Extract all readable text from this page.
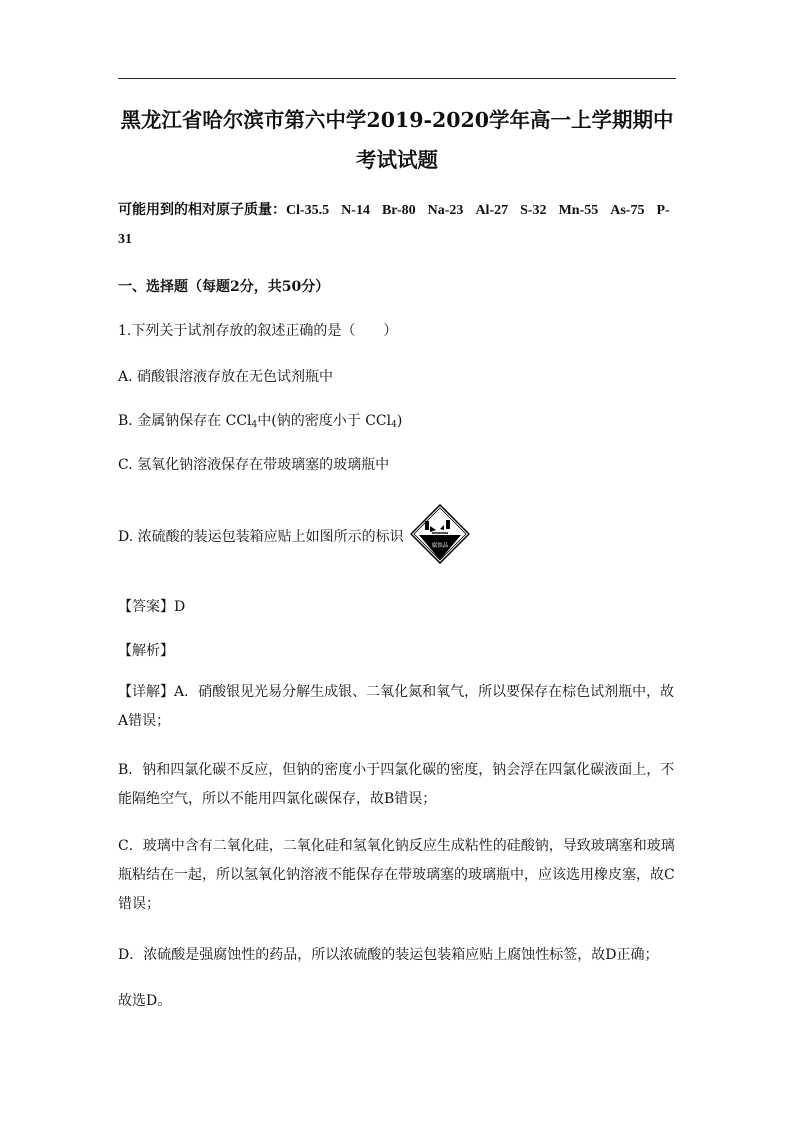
黑龙江省哈尔滨市第六中学2019-2020学年高一上学期期中考试试题
可能用到的相对原子质量：Cl-35.5 N-14 Br-80 Na-23 Al-27 S-32 Mn-55 As-75 P-31
一、选择题（每题2分，共50分）
1.下列关于试剂存放的叙述正确的是（　　）
A. 硝酸银溶液存放在无色试剂瓶中
B. 金属钠保存在 CCl$_4$中(钠的密度小于 CCl$_4$)
C. 氢氧化钠溶液保存在带玻璃塞的玻璃瓶中
D. 浓硫酸的装运包装箱应贴上如图所示的标识
腐蚀品
【答案】D
【解析】
【详解】A．硝酸银见光易分解生成银、二氧化氮和氧气，所以要保存在棕色试剂瓶中，故A错误；
B．钠和四氯化碳不反应，但钠的密度小于四氯化碳的密度，钠会浮在四氯化碳液面上，不能隔绝空气，所以不能用四氯化碳保存，故B错误；
C．玻璃中含有二氧化硅，二氧化硅和氢氧化钠反应生成粘性的硅酸钠，导致玻璃塞和玻璃瓶粘结在一起，所以氢氧化钠溶液不能保存在带玻璃塞的玻璃瓶中，应该选用橡皮塞，故C错误；
D．浓硫酸是强腐蚀性的药品，所以浓硫酸的装运包装箱应贴上腐蚀性标签，故D正确；
故选D。
